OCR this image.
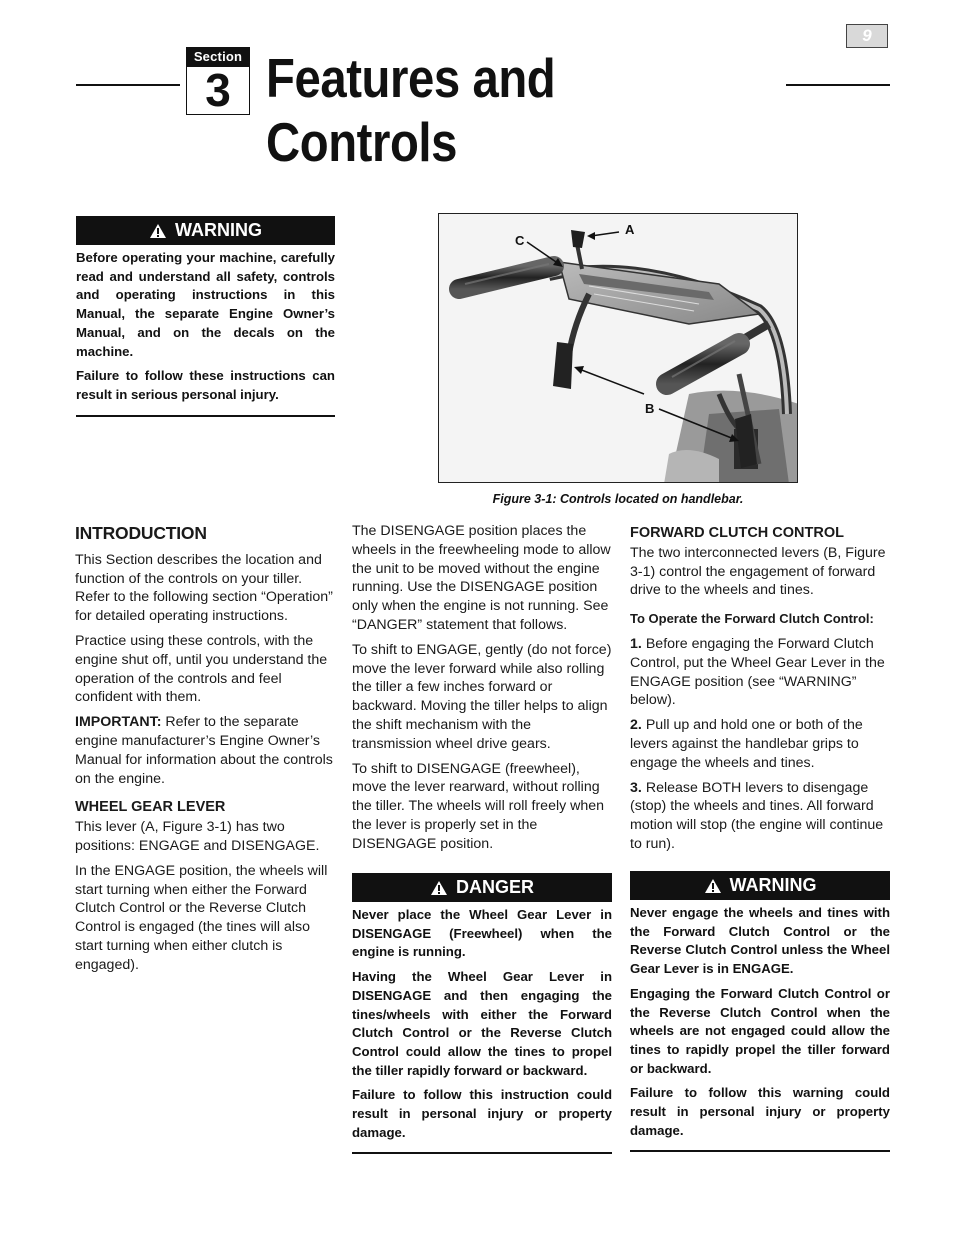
9
Section
3 Features and Controls
WARNING

Before operating your machine, carefully read and understand all safety, controls and operating instructions in this Manual, the separate Engine Owner’s Manual, and on the decals on the machine.

Failure to follow these instructions can result in serious personal injury.

A
C
B
Figure 3-1: Controls located on handlebar.
INTRODUCTION

This Section describes the location and function of the controls on your tiller. Refer to the following section “Operation” for detailed operating instructions.

Practice using these controls, with the engine shut off, until you understand the operation of the controls and feel confident with them.

IMPORTANT: Refer to the separate engine manufacturer’s Engine Owner’s Manual for information about the controls on the engine.

WHEEL GEAR LEVER

This lever (A, Figure 3-1) has two positions: ENGAGE and DISENGAGE.

In the ENGAGE position, the wheels will start turning when either the Forward Clutch Control or the Reverse Clutch Control is engaged (the tines will also start turning when either clutch is engaged).

The DISENGAGE position places the wheels in the freewheeling mode to allow the unit to be moved without the engine running. Use the DISENGAGE position only when the engine is not running. See “DANGER” statement that follows.

To shift to ENGAGE, gently (do not force) move the lever forward while also rolling the tiller a few inches forward or backward. Moving the tiller helps to align the shift mechanism with the transmission wheel drive gears.

To shift to DISENGAGE (freewheel), move the lever rearward, without rolling the tiller. The wheels will roll freely when the lever is properly set in the DISENGAGE position.

DANGER

Never place the Wheel Gear Lever in DISENGAGE (Freewheel) when the engine is running.

Having the Wheel Gear Lever in DISENGAGE and then engaging the tines/wheels with either the Forward Clutch Control or the Reverse Clutch Control could allow the tines to propel the tiller rapidly forward or backward.

Failure to follow this instruction could result in personal injury or property damage.

FORWARD CLUTCH CONTROL

The two interconnected levers (B, Figure 3-1) control the engagement of forward drive to the wheels and tines.

To Operate the Forward Clutch Control:

1. Before engaging the Forward Clutch Control, put the Wheel Gear Lever in the ENGAGE position (see “WARNING” below).

2. Pull up and hold one or both of the levers against the handlebar grips to engage the wheels and tines.

3. Release BOTH levers to disengage (stop) the wheels and tines. All forward motion will stop (the engine will continue to run).

WARNING

Never engage the wheels and tines with the Forward Clutch Control or the Reverse Clutch Control unless the Wheel Gear Lever is in ENGAGE.

Engaging the Forward Clutch Control or the Reverse Clutch Control when the wheels are not engaged could allow the tines to rapidly propel the tiller forward or backward.

Failure to follow this warning could result in personal injury or property damage.
